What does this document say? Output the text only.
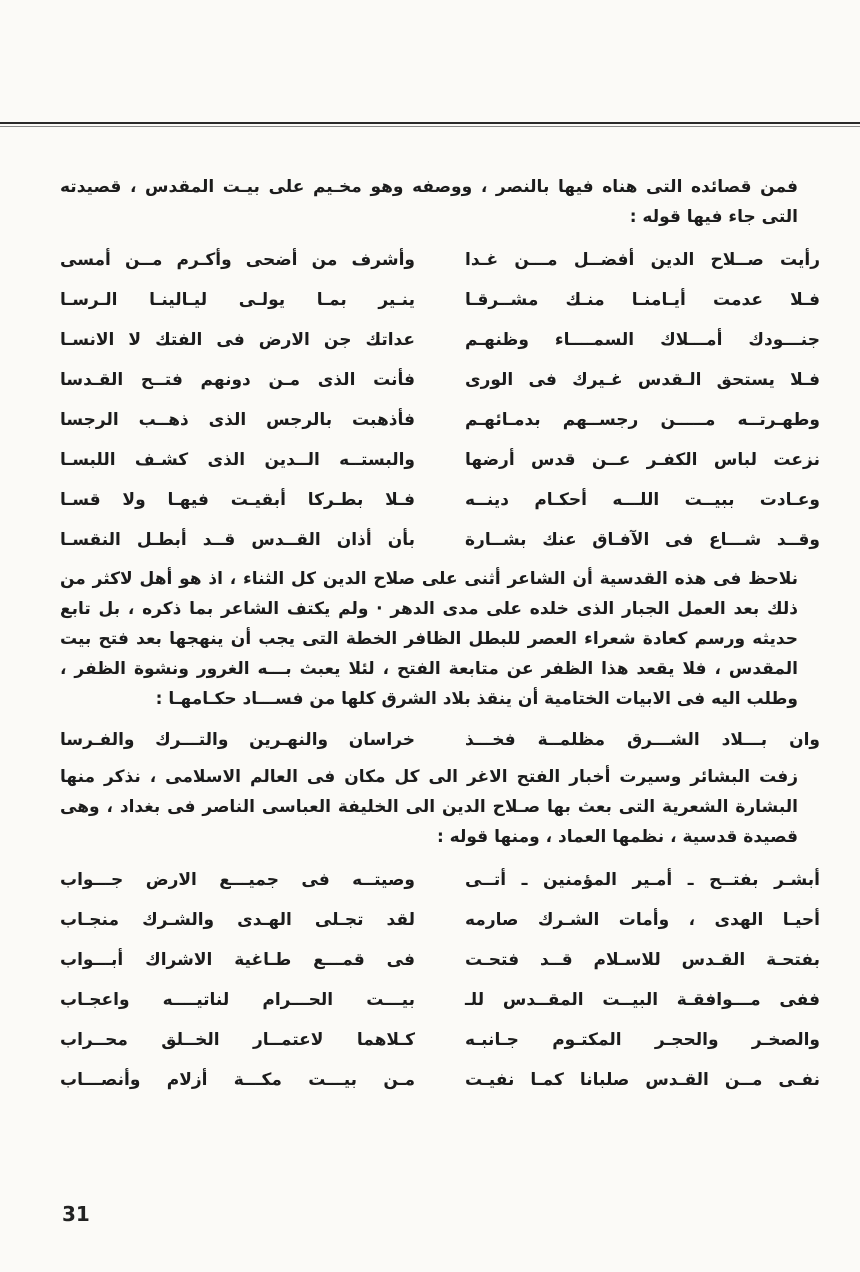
فمن قصائده التى هناه فيها بالنصر ، ووصفه وهو مخـيم على بيـت المقدس ، قصيدته التى جاء فيها قوله :

رأيت صــلاح الدين أفضــل مـــن غـدا
وأشرف من أضحى وأكـرم مــن أمسى
فـلا عدمت أيـامنـا منـك مشــرقـا
ينـير بمـا يولـى ليـالينـا الـرسـا
جنـــودك أمـــلاك السمــــاء وظنهـم
عداتك جن الارض فى الفتك لا الانسـا
فـلا يستحق الـقدس غـيرك فى الورى
فأنت الذى مـن دونهم فتــح القـدسا
وطهـرتــه مـــــن رجســهم بدمـائهـم
فأذهبت بالرجس الذى ذهــب الرجسا
نزعت لباس الكفـر عــن قدس أرضها
والبستــه الــدين الذى كشـف اللبسـا
وعـادت ببيــت اللـــه أحكـام دينــه
فـلا بطـركا أبقيـت فيهـا ولا قسـا
وقــد شـــاع فى الآفـاق عنك بشــارة
بأن أذان القــدس قــد أبطـل النقسـا

نلاحظ فى هذه القدسية أن الشاعر أثنى على صلاح الدين كل الثناء ، اذ هو أهل لاكثر من ذلك بعد العمل الجبار الذى خلده على مدى الدهر · ولم يكتف الشاعر بما ذكره ، بل تابع حديثه ورسم كعادة شعراء العصر للبطل الظافر الخطة التى يجب أن ينهجها بعد فتح بيت المقدس ، فلا يقعد هذا الظفر عن متابعة الفتح ، لئلا يعبث بـــه الغرور ونشوة الظفر ، وطلب اليه فى الابيات الختامية أن ينقذ بلاد الشرق كلها من فســـاد حكـامهـا :

وان بـــلاد الشـــرق مظلمــة فخـــذ
خراسان والنهـرين والتـــرك والفـرسا

زفت البشائر وسيرت أخبار الفتح الاغر الى كل مكان فى العالم الاسلامى ، نذكر منها البشارة الشعرية التى بعث بها صـلاح الدين الى الخليفة العباسى الناصر فى بغداد ، وهى قصيدة قدسية ، نظمها العماد ، ومنها قوله :

أبشـر بفتــح ـ أمـير المؤمنين ـ أتــى
وصيتــه فى جميـــع الارض جـــواب
أحيـا الهدى ، وأمات الشـرك صارمه
لقد تجـلى الهـدى والشـرك منجـاب
بفتحـة القـدس للاسـلام قــد فتحـت
فى قمـــع طـاغية الاشراك أبـــواب
ففى مـــوافقـة البيــت المقــدس للـ
بيـــت الحـــرام لناتيــــه واعجـاب
والصخـر والحجـر المكتـوم جـانبـه
كـلاهما لاعتمــار الخــلق محــراب
نفـى مــن القـدس صلبانا كمـا نفيـت
مـن بيـــت مكـــة أزلام وأنصـــاب
31
